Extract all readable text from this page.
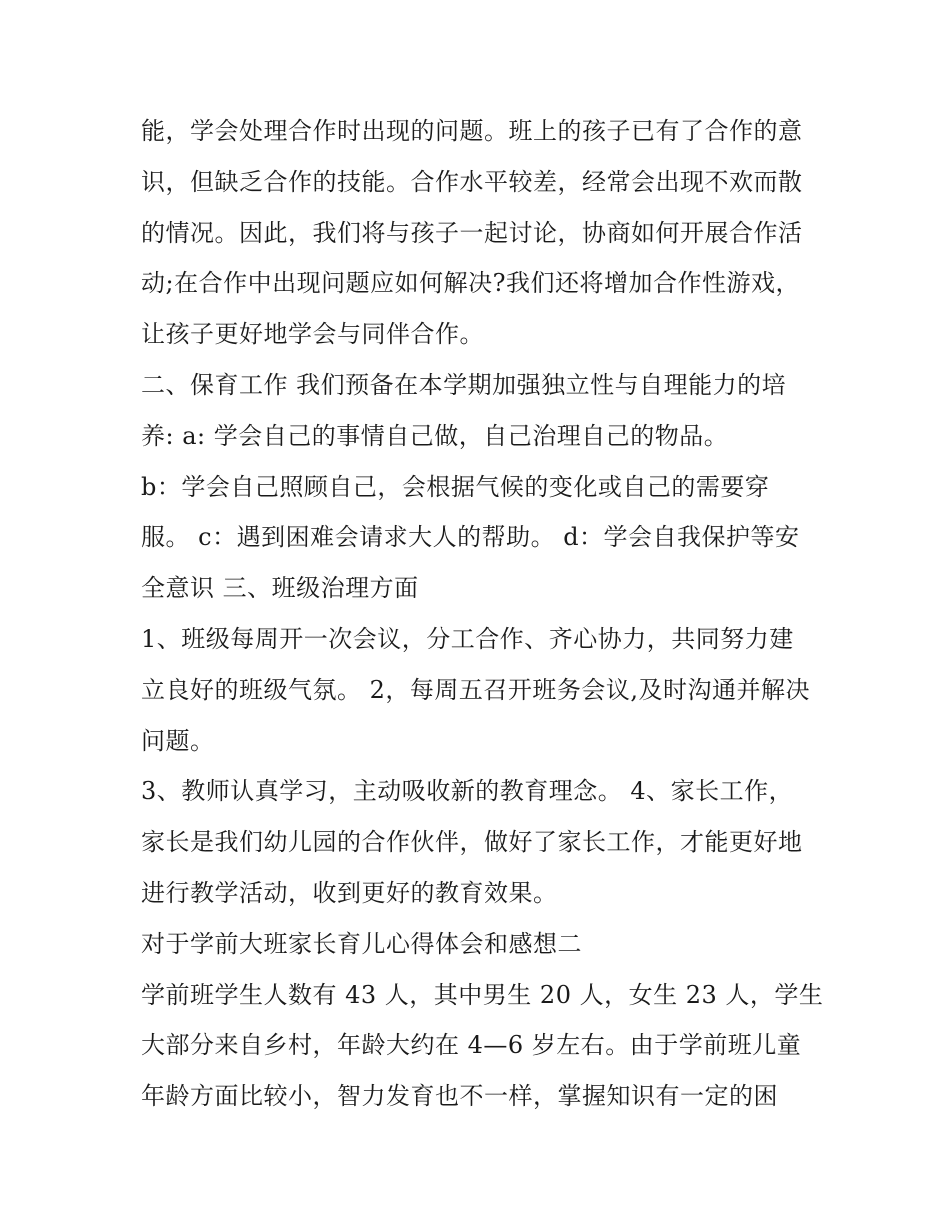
能，学会处理合作时出现的问题。班上的孩子已有了合作的意
识，但缺乏合作的技能。合作水平较差，经常会出现不欢而散
的情况。因此，我们将与孩子一起讨论，协商如何开展合作活
动;在合作中出现问题应如何解决?我们还将增加合作性游戏，
让孩子更好地学会与同伴合作。
二、保育工作 我们预备在本学期加强独立性与自理能力的培
养: a: 学会自己的事情自己做，自己治理自己的物品。
b：学会自己照顾自己，会根据气候的变化或自己的需要穿
服。 c：遇到困难会请求大人的帮助。 d：学会自我保护等安
全意识 三、班级治理方面
1、班级每周开一次会议，分工合作、齐心协力，共同努力建
立良好的班级气氛。 2，每周五召开班务会议,及时沟通并解决
问题。
3、教师认真学习，主动吸收新的教育理念。 4、家长工作，
家长是我们幼儿园的合作伙伴，做好了家长工作，才能更好地
进行教学活动，收到更好的教育效果。
对于学前大班家长育儿心得体会和感想二
学前班学生人数有 43 人，其中男生 20 人，女生 23 人，学生
大部分来自乡村，年龄大约在 4—6 岁左右。由于学前班儿童
年龄方面比较小，智力发育也不一样，掌握知识有一定的困
